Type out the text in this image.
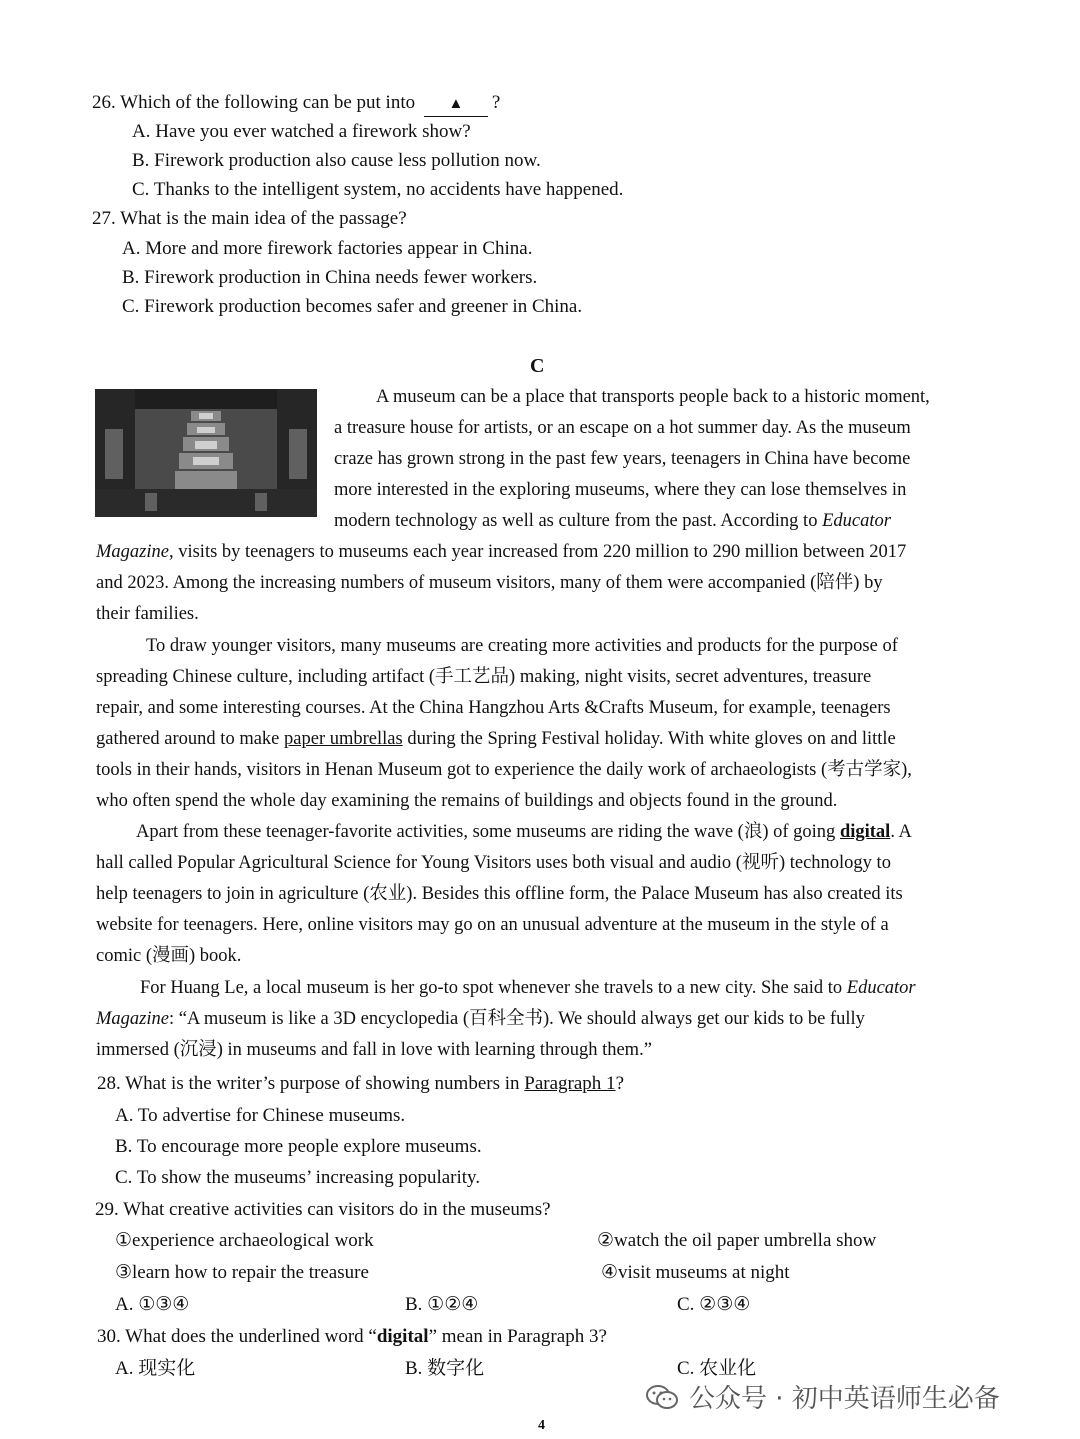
26. Which of the following can be put into ▲ ?
A. Have you ever watched a firework show?
B. Firework production also cause less pollution now.
C. Thanks to the intelligent system, no accidents have happened.
27. What is the main idea of the passage?
A. More and more firework factories appear in China.
B. Firework production in China needs fewer workers.
C. Firework production becomes safer and greener in China.
C
A museum can be a place that transports people back to a historic moment,
a treasure house for artists, or an escape on a hot summer day. As the museum
craze has grown strong in the past few years, teenagers in China have become
more interested in the exploring museums, where they can lose themselves in
modern technology as well as culture from the past. According to Educator
Magazine, visits by teenagers to museums each year increased from 220 million to 290 million between 2017
and 2023. Among the increasing numbers of museum visitors, many of them were accompanied (陪伴) by
their families.
To draw younger visitors, many museums are creating more activities and products for the purpose of
spreading Chinese culture, including artifact (手工艺品) making, night visits, secret adventures, treasure
repair, and some interesting courses. At the China Hangzhou Arts &Crafts Museum, for example, teenagers
gathered around to make paper umbrellas during the Spring Festival holiday. With white gloves on and little
tools in their hands, visitors in Henan Museum got to experience the daily work of archaeologists (考古学家),
who often spend the whole day examining the remains of buildings and objects found in the ground.
Apart from these teenager-favorite activities, some museums are riding the wave (浪) of going digital. A
hall called Popular Agricultural Science for Young Visitors uses both visual and audio (视听) technology to
help teenagers to join in agriculture (农业). Besides this offline form, the Palace Museum has also created its
website for teenagers. Here, online visitors may go on an unusual adventure at the museum in the style of a
comic (漫画) book.
For Huang Le, a local museum is her go-to spot whenever she travels to a new city. She said to Educator
Magazine: “A museum is like a 3D encyclopedia (百科全书). We should always get our kids to be fully
immersed (沉浸) in museums and fall in love with learning through them.”
28. What is the writer’s purpose of showing numbers in Paragraph 1?
A. To advertise for Chinese museums.
B. To encourage more people explore museums.
C. To show the museums’ increasing popularity.
29. What creative activities can visitors do in the museums?
①experience archaeological work	②watch the oil paper umbrella show
③learn how to repair the treasure	④visit museums at night
A. ①③④	B. ①②④	C. ②③④
30. What does the underlined word “digital” mean in Paragraph 3?
A. 现实化	B. 数字化	C. 农业化
公众号 · 初中英语师生必备
4
